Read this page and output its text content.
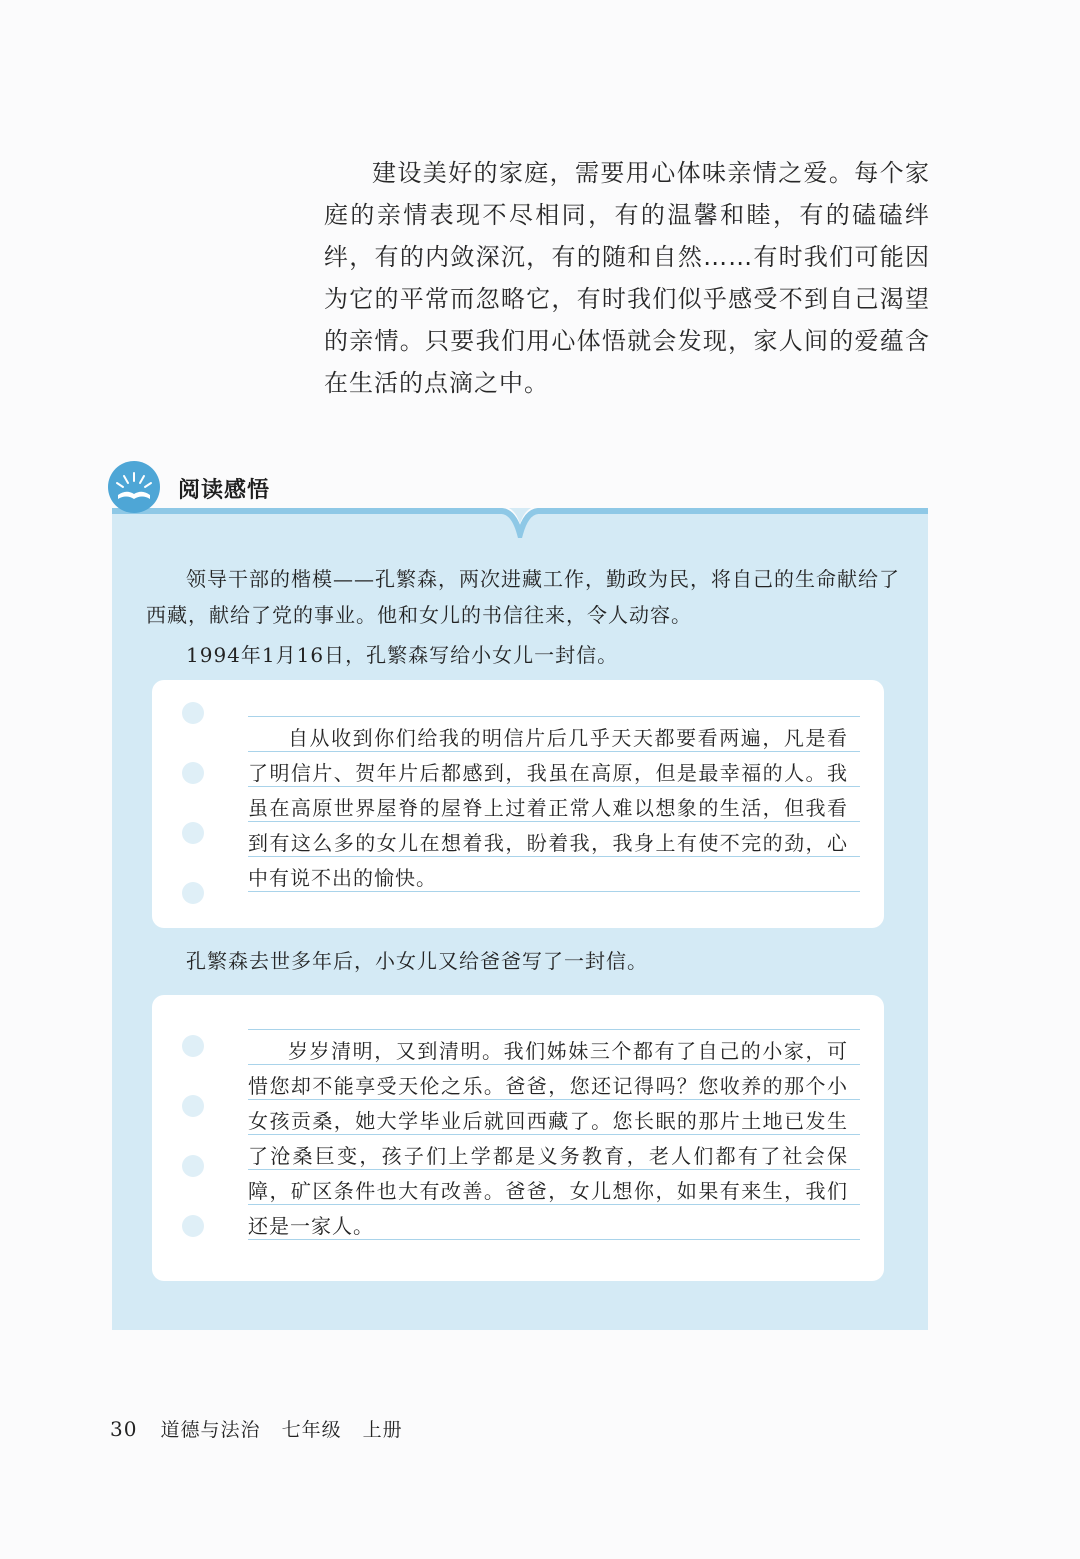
建设美好的家庭，需要用心体味亲情之爱。每个家庭的亲情表现不尽相同，有的温馨和睦，有的磕磕绊绊，有的内敛深沉，有的随和自然……有时我们可能因为它的平常而忽略它，有时我们似乎感受不到自己渴望的亲情。只要我们用心体悟就会发现，家人间的爱蕴含在生活的点滴之中。

阅读感悟

领导干部的楷模——孔繁森，两次进藏工作，勤政为民，将自己的生命献给了西藏，献给了党的事业。他和女儿的书信往来，令人动容。

1994年1月16日，孔繁森写给小女儿一封信。

自从收到你们给我的明信片后几乎天天都要看两遍，凡是看了明信片、贺年片后都感到，我虽在高原，但是最幸福的人。我虽在高原世界屋脊的屋脊上过着正常人难以想象的生活，但我看到有这么多的女儿在想着我，盼着我，我身上有使不完的劲，心中有说不出的愉快。

孔繁森去世多年后，小女儿又给爸爸写了一封信。

岁岁清明，又到清明。我们姊妹三个都有了自己的小家，可惜您却不能享受天伦之乐。爸爸，您还记得吗？您收养的那个小女孩贡桑，她大学毕业后就回西藏了。您长眠的那片土地已发生了沧桑巨变，孩子们上学都是义务教育，老人们都有了社会保障，矿区条件也大有改善。爸爸，女儿想你，如果有来生，我们还是一家人。

30 道德与法治 七年级 上册
